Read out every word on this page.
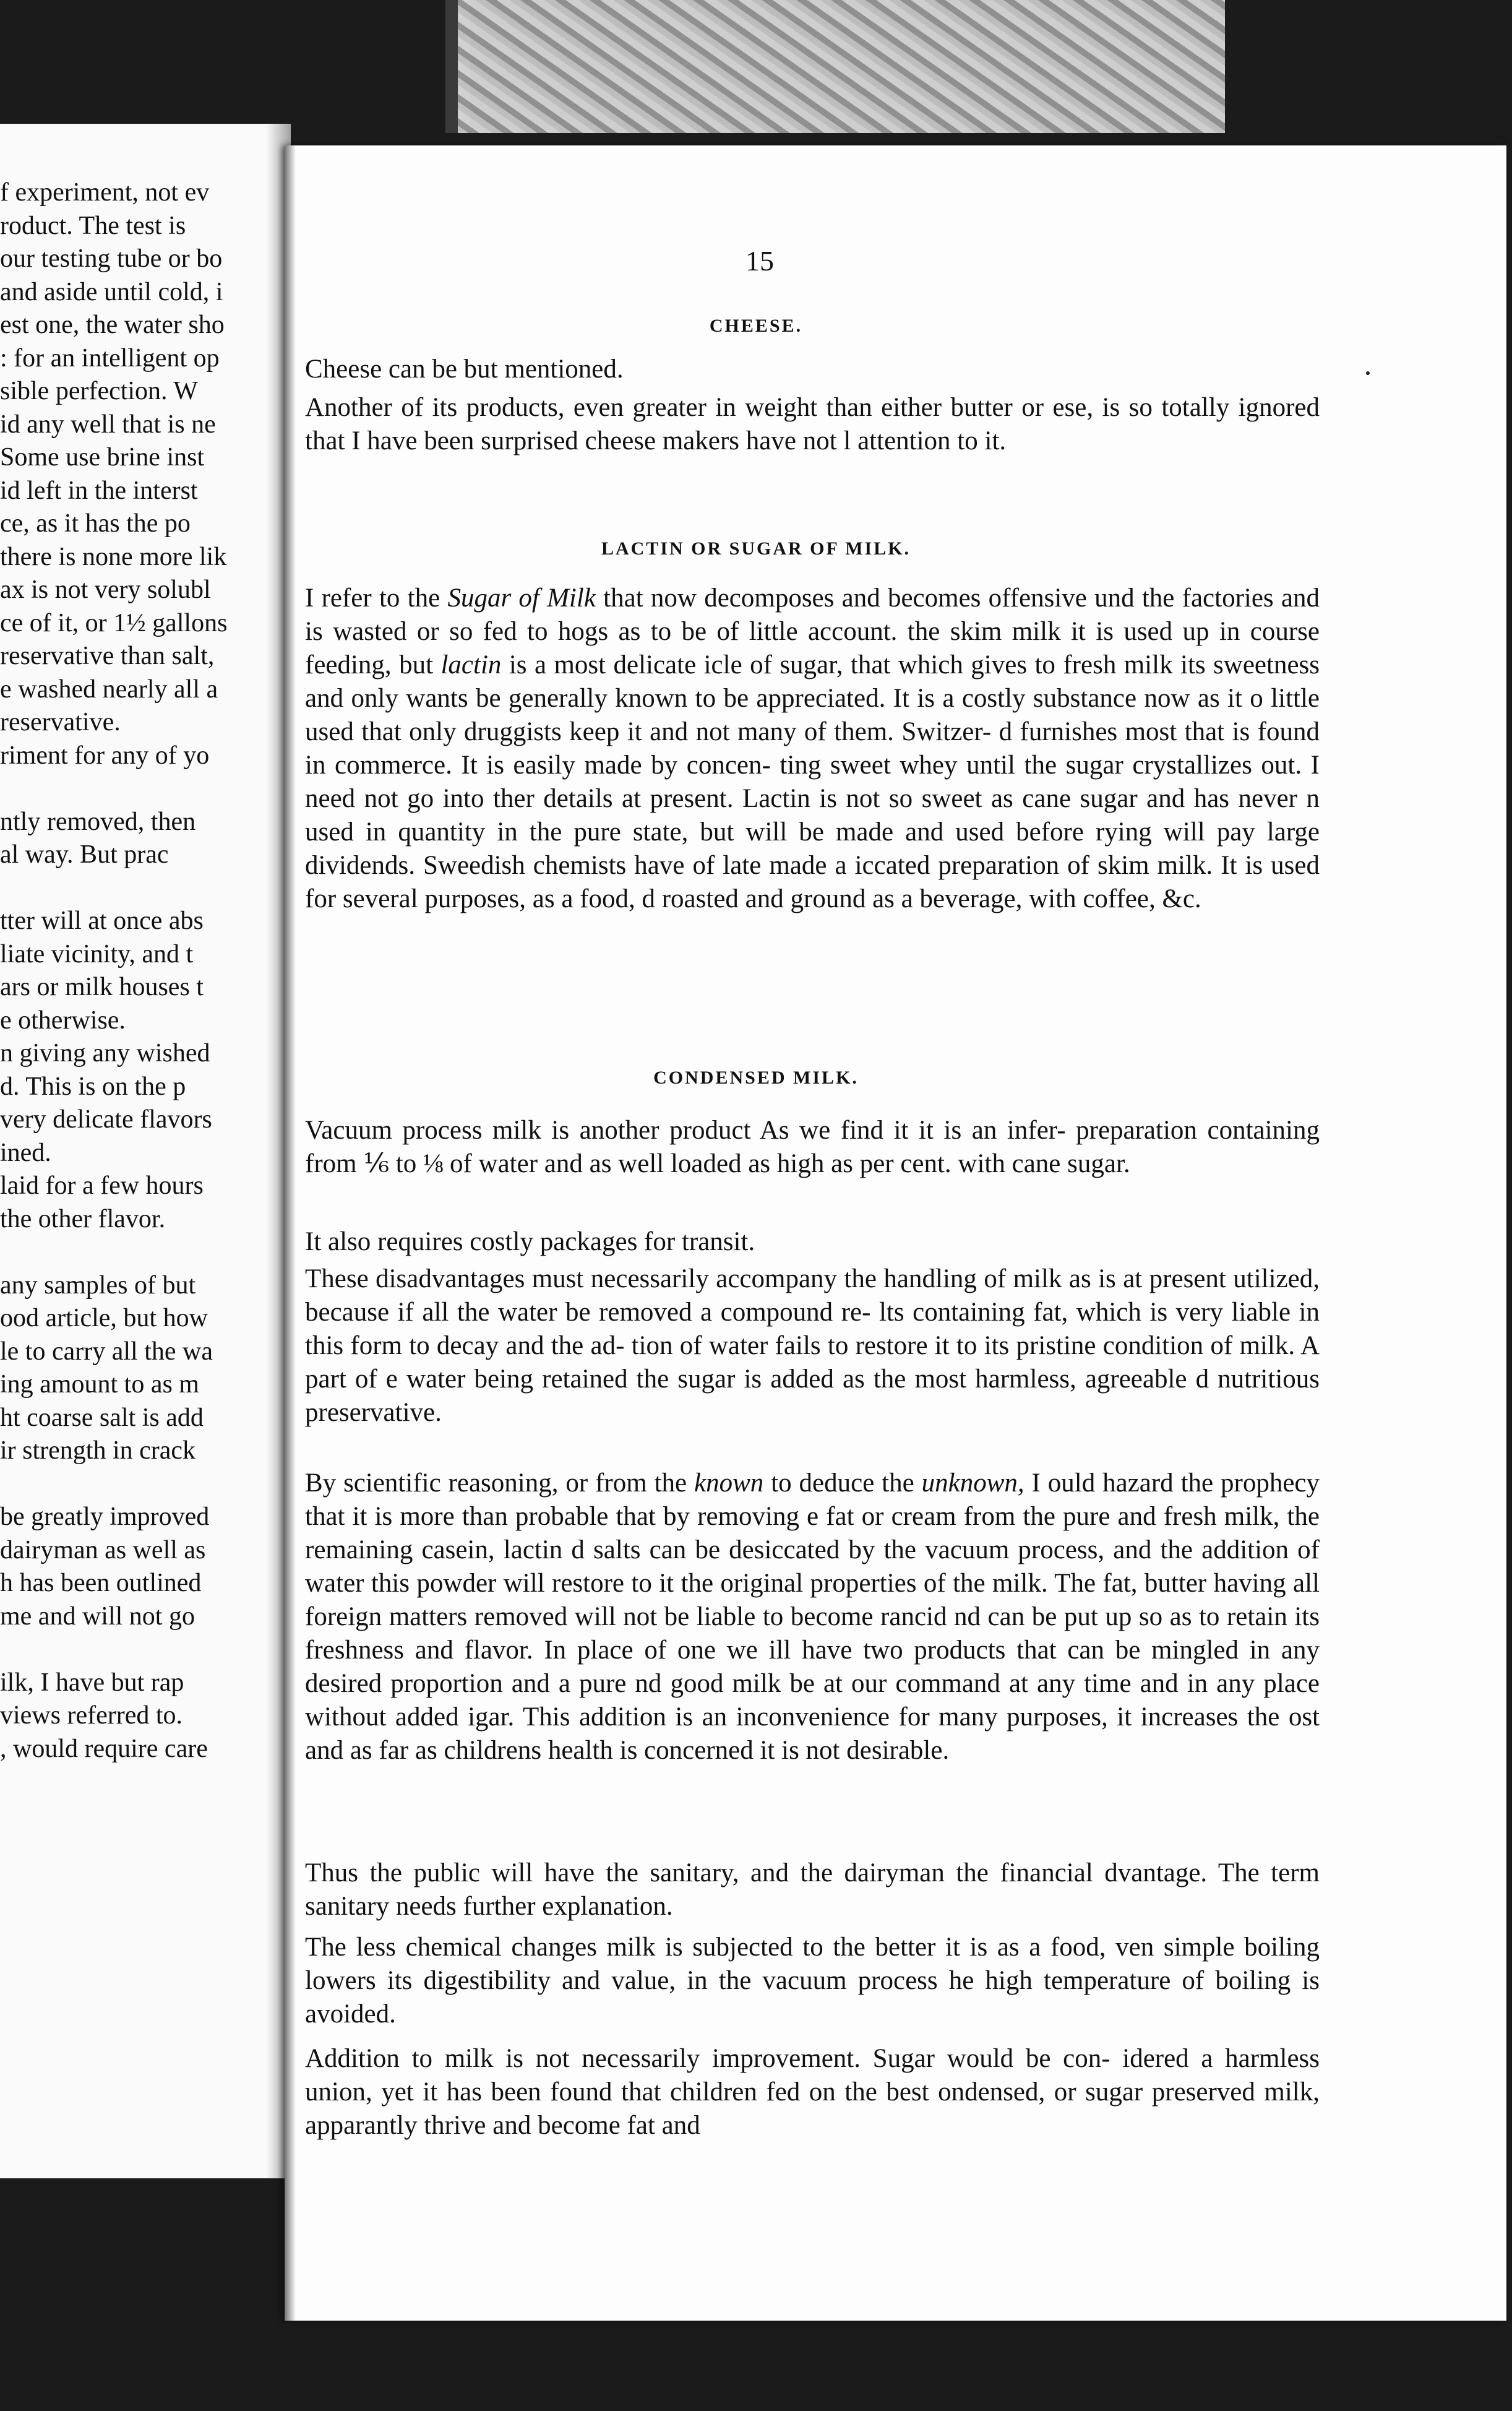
f experiment, not ev
roduct. The test is
our testing tube or bo
and aside until cold, i
est one, the water sho
: for an intelligent op
sible perfection. W
id any well that is ne
Some use brine inst
id left in the interst
ce, as it has the po
there is none more lik
ax is not very solubl
ce of it, or 1½ gallons
reservative than salt,
e washed nearly all a
reservative.
riment for any of yo
ntly removed, then
al way. But prac
tter will at once abs
liate vicinity, and t
ars or milk houses t
e otherwise.
n giving any wished
d. This is on the p
very delicate flavors
ined.
laid for a few hours
the other flavor.
any samples of but
ood article, but how
le to carry all the wa
ing amount to as m
ht coarse salt is add
ir strength in crack
be greatly improved
dairyman as well as
h has been outlined
me and will not go
ilk, I have but rap
views referred to.
, would require care
15
CHEESE.
Cheese can be but mentioned.
Another of its products, even greater in weight than either butter or ese, is so totally ignored that I have been surprised cheese makers have not l attention to it.
LACTIN OR SUGAR OF MILK.
I refer to the Sugar of Milk that now decomposes and becomes offensive und the factories and is wasted or so fed to hogs as to be of little account. the skim milk it is used up in course feeding, but lactin is a most delicate icle of sugar, that which gives to fresh milk its sweetness and only wants be generally known to be appreciated. It is a costly substance now as it o little used that only druggists keep it and not many of them. Switzer- d furnishes most that is found in commerce. It is easily made by concen- ting sweet whey until the sugar crystallizes out. I need not go into ther details at present. Lactin is not so sweet as cane sugar and has never n used in quantity in the pure state, but will be made and used before rying will pay large dividends. Sweedish chemists have of late made a iccated preparation of skim milk. It is used for several purposes, as a food, d roasted and ground as a beverage, with coffee, &c.
CONDENSED MILK.
Vacuum process milk is another product As we find it it is an infer- preparation containing from ⅙ to ⅛ of water and as well loaded as high as per cent. with cane sugar.
It also requires costly packages for transit.
These disadvantages must necessarily accompany the handling of milk as is at present utilized, because if all the water be removed a compound re- lts containing fat, which is very liable in this form to decay and the ad- tion of water fails to restore it to its pristine condition of milk. A part of e water being retained the sugar is added as the most harmless, agreeable d nutritious preservative.
By scientific reasoning, or from the known to deduce the unknown, I ould hazard the prophecy that it is more than probable that by removing e fat or cream from the pure and fresh milk, the remaining casein, lactin d salts can be desiccated by the vacuum process, and the addition of water this powder will restore to it the original properties of the milk. The fat, butter having all foreign matters removed will not be liable to become rancid nd can be put up so as to retain its freshness and flavor. In place of one we ill have two products that can be mingled in any desired proportion and a pure nd good milk be at our command at any time and in any place without added igar. This addition is an inconvenience for many purposes, it increases the ost and as far as childrens health is concerned it is not desirable.
Thus the public will have the sanitary, and the dairyman the financial dvantage. The term sanitary needs further explanation.
The less chemical changes milk is subjected to the better it is as a food, ven simple boiling lowers its digestibility and value, in the vacuum process he high temperature of boiling is avoided.
Addition to milk is not necessarily improvement. Sugar would be con- idered a harmless union, yet it has been found that children fed on the best ondensed, or sugar preserved milk, apparantly thrive and become fat and
